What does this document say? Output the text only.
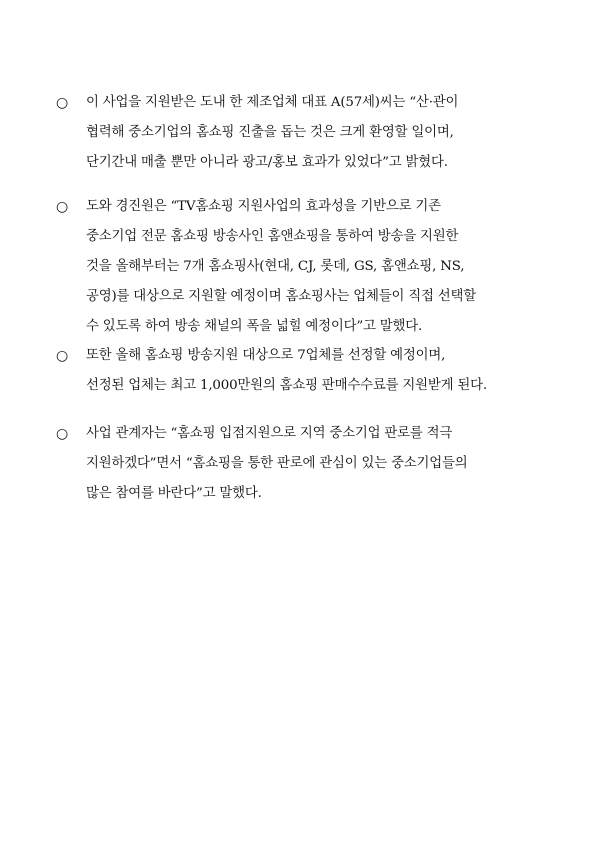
○ 이 사업을 지원받은 도내 한 제조업체 대표 A(57세)씨는 “산·관이
협력해 중소기업의 홈쇼핑 진출을 돕는 것은 크게 환영할 일이며,
단기간내 매출 뿐만 아니라 광고/홍보 효과가 있었다”고 밝혔다.
○ 도와 경진원은 “TV홈쇼핑 지원사업의 효과성을 기반으로 기존
중소기업 전문 홈쇼핑 방송사인 홈앤쇼핑을 통하여 방송을 지원한
것을 올해부터는 7개 홈쇼핑사(현대, CJ, 롯데, GS, 홈앤쇼핑, NS,
공영)를 대상으로 지원할 예정이며 홈쇼핑사는 업체들이 직접 선택할
수 있도록 하여 방송 채널의 폭을 넓힐 예정이다”고 말했다.
○ 또한 올해 홈쇼핑 방송지원 대상으로 7업체를 선정할 예정이며,
선정된 업체는 최고 1,000만원의 홈쇼핑 판매수수료를 지원받게 된다.
○ 사업 관계자는 “홈쇼핑 입점지원으로 지역 중소기업 판로를 적극
지원하겠다”면서 “홈쇼핑을 통한 판로에 관심이 있는 중소기업들의
많은 참여를 바란다”고 말했다.
